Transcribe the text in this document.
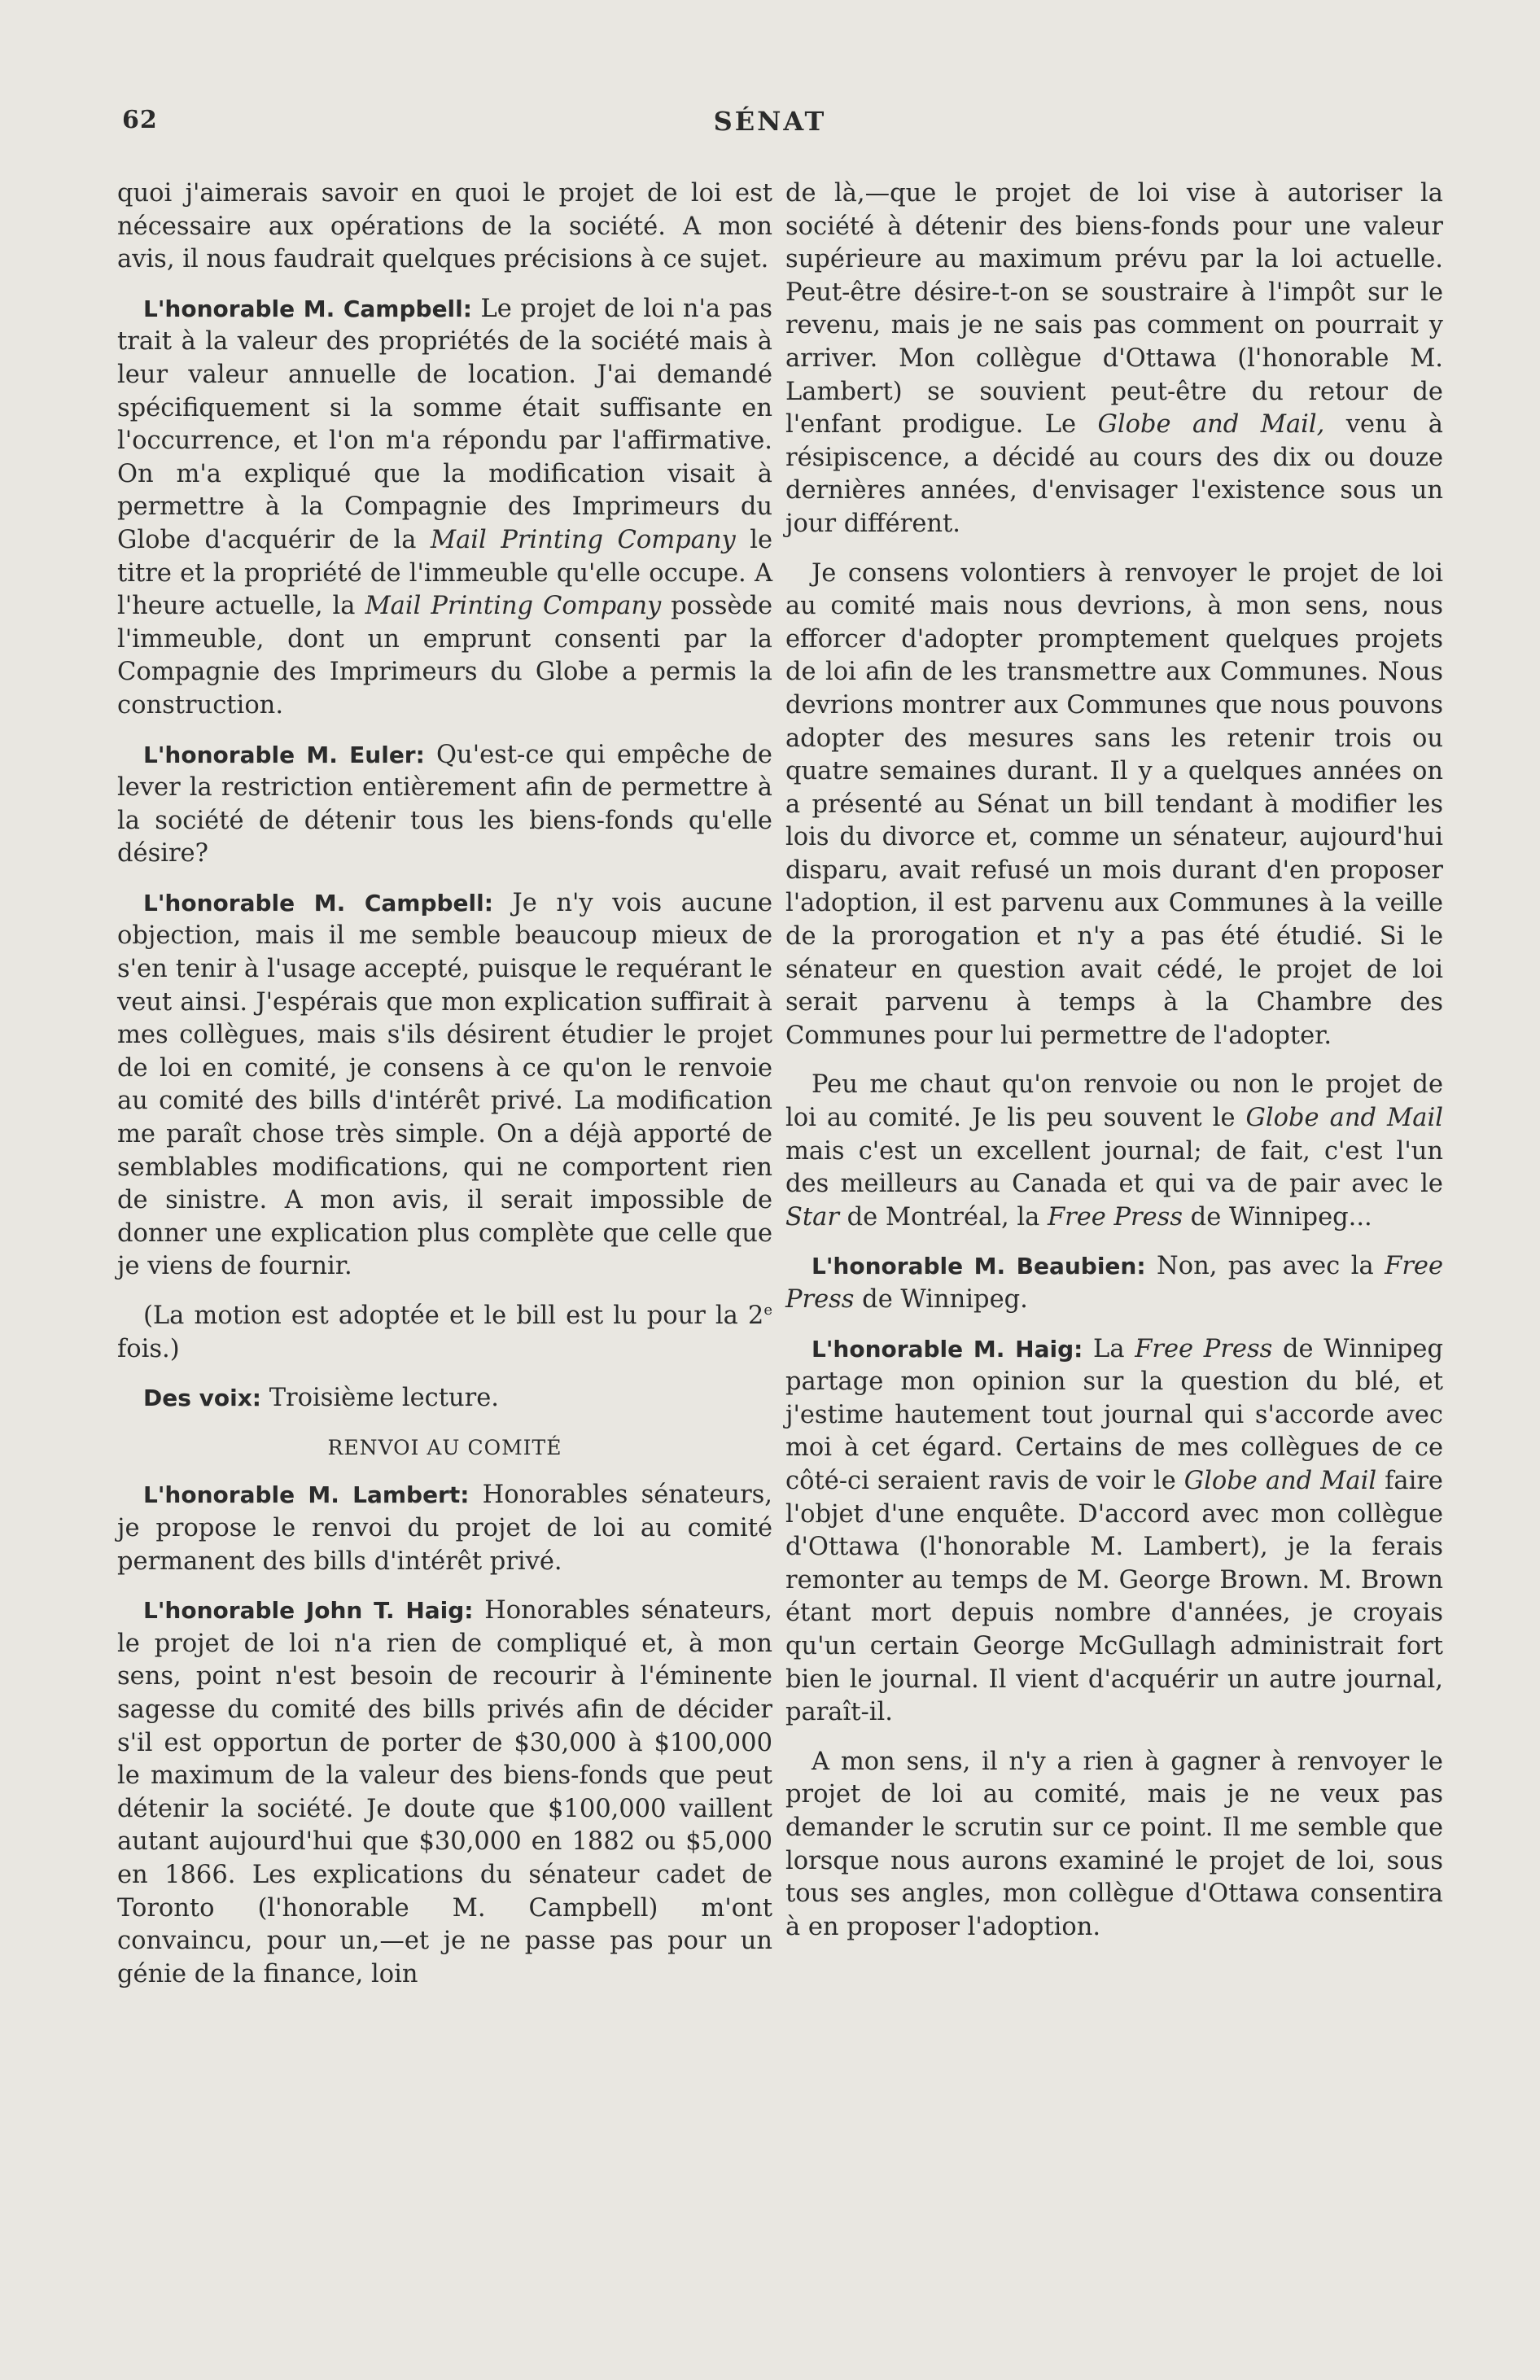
62	SÉNAT

quoi j'aimerais savoir en quoi le projet de loi est nécessaire aux opérations de la société. A mon avis, il nous faudrait quelques précisions à ce sujet.

L'honorable M. Campbell: Le projet de loi n'a pas trait à la valeur des propriétés de la société mais à leur valeur annuelle de location. J'ai demandé spécifiquement si la somme était suffisante en l'occurrence, et l'on m'a répondu par l'affirmative. On m'a expliqué que la modification visait à permettre à la Compagnie des Imprimeurs du Globe d'acquérir de la Mail Printing Company le titre et la propriété de l'immeuble qu'elle occupe. A l'heure actuelle, la Mail Printing Company possède l'immeuble, dont un emprunt consenti par la Compagnie des Imprimeurs du Globe a permis la construction.

L'honorable M. Euler: Qu'est-ce qui empêche de lever la restriction entièrement afin de permettre à la société de détenir tous les biens-fonds qu'elle désire?

L'honorable M. Campbell: Je n'y vois aucune objection, mais il me semble beaucoup mieux de s'en tenir à l'usage accepté, puisque le requérant le veut ainsi. J'espérais que mon explication suffirait à mes collègues, mais s'ils désirent étudier le projet de loi en comité, je consens à ce qu'on le renvoie au comité des bills d'intérêt privé. La modification me paraît chose très simple. On a déjà apporté de semblables modifications, qui ne comportent rien de sinistre. A mon avis, il serait impossible de donner une explication plus complète que celle que je viens de fournir.

(La motion est adoptée et le bill est lu pour la 2e fois.)

Des voix: Troisième lecture.

RENVOI AU COMITÉ

L'honorable M. Lambert: Honorables sénateurs, je propose le renvoi du projet de loi au comité permanent des bills d'intérêt privé.

L'honorable John T. Haig: Honorables sénateurs, le projet de loi n'a rien de compliqué et, à mon sens, point n'est besoin de recourir à l'éminente sagesse du comité des bills privés afin de décider s'il est opportun de porter de $30,000 à $100,000 le maximum de la valeur des biens-fonds que peut détenir la société. Je doute que $100,000 vaillent autant aujourd'hui que $30,000 en 1882 ou $5,000 en 1866. Les explications du sénateur cadet de Toronto (l'honorable M. Campbell) m'ont convaincu, pour un,—et je ne passe pas pour un génie de la finance, loin

de là,—que le projet de loi vise à autoriser la société à détenir des biens-fonds pour une valeur supérieure au maximum prévu par la loi actuelle. Peut-être désire-t-on se soustraire à l'impôt sur le revenu, mais je ne sais pas comment on pourrait y arriver. Mon collègue d'Ottawa (l'honorable M. Lambert) se souvient peut-être du retour de l'enfant prodigue. Le Globe and Mail, venu à résipiscence, a décidé au cours des dix ou douze dernières années, d'envisager l'existence sous un jour différent.

Je consens volontiers à renvoyer le projet de loi au comité mais nous devrions, à mon sens, nous efforcer d'adopter promptement quelques projets de loi afin de les transmettre aux Communes. Nous devrions montrer aux Communes que nous pouvons adopter des mesures sans les retenir trois ou quatre semaines durant. Il y a quelques années on a présenté au Sénat un bill tendant à modifier les lois du divorce et, comme un sénateur, aujourd'hui disparu, avait refusé un mois durant d'en proposer l'adoption, il est parvenu aux Communes à la veille de la prorogation et n'y a pas été étudié. Si le sénateur en question avait cédé, le projet de loi serait parvenu à temps à la Chambre des Communes pour lui permettre de l'adopter.

Peu me chaut qu'on renvoie ou non le projet de loi au comité. Je lis peu souvent le Globe and Mail mais c'est un excellent journal; de fait, c'est l'un des meilleurs au Canada et qui va de pair avec le Star de Montréal, la Free Press de Winnipeg...

L'honorable M. Beaubien: Non, pas avec la Free Press de Winnipeg.

L'honorable M. Haig: La Free Press de Winnipeg partage mon opinion sur la question du blé, et j'estime hautement tout journal qui s'accorde avec moi à cet égard. Certains de mes collègues de ce côté-ci seraient ravis de voir le Globe and Mail faire l'objet d'une enquête. D'accord avec mon collègue d'Ottawa (l'honorable M. Lambert), je la ferais remonter au temps de M. George Brown. M. Brown étant mort depuis nombre d'années, je croyais qu'un certain George McGullagh administrait fort bien le journal. Il vient d'acquérir un autre journal, paraît-il.

A mon sens, il n'y a rien à gagner à renvoyer le projet de loi au comité, mais je ne veux pas demander le scrutin sur ce point. Il me semble que lorsque nous aurons examiné le projet de loi, sous tous ses angles, mon collègue d'Ottawa consentira à en proposer l'adoption.
